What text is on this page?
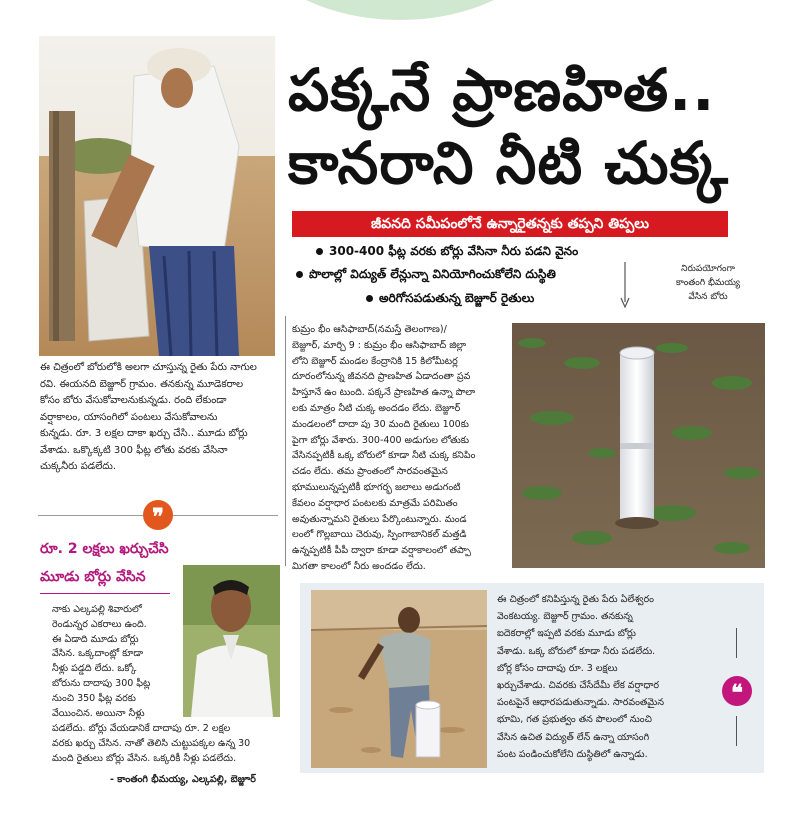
పక్కనే ప్రాణహిత..
కానరాని నీటి చుక్క
జీవనది సమీపంలోనే ఉన్నారైతన్నకు తప్పని తిప్పలు
300-400 ఫీట్ల వరకు బోర్లు వేసినా నీరు పడని వైనం
పొలాల్లో విద్యుత్ లేన్లున్నా వినియోగించుకోలేని దుస్థితి
అరిగోసపడుతున్న బెజ్జూర్ రైతులు
నిరుపయోగంగా
కాంతంగి భీమయ్య
వేసిన బోరు
ఈ చిత్రంలో బోరులోకి అలగా చూస్తున్న రైతు పేరు నాగుల
రవి. ఈయనది బెజ్జూర్ గ్రామం. తనకున్న మూడెకరాల
కోసం బోరు వేసుకోవాలనుకున్నడు. రంది లేకుండా
వర్షాకాలం, యాసంగిలో పంటలు వేసుకోవాలను
కున్నడు. రూ. 3 లక్షల దాకా ఖర్చు చేసి.. మూడు బోర్లు
వేశాడు. ఒక్కొక్కటి 300 ఫీట్ల లోతు వరకు వేసినా
చుక్కనీరు పడలేదు.
❞
రూ. 2 లక్షలు ఖర్చుచేసి
మూడు బోర్లు వేసిన
నాకు ఎల్కపల్లి శివారులో
రెండున్నర ఎకరాలు ఉంది.
ఈ ఏడాది మూడు బోర్లు
వేసిన. ఒక్కదాంట్లో కూడా
నీళ్లు పడ్డది లేదు. ఒక్కో
బోరును దాదాపు 300 ఫీట్ల
నుంచి 350 ఫీట్ల వరకు
వేయించిన. అయినా నీళ్లు
పడలేదు. బోర్లు వేయడానికే దాదాపు రూ. 2 లక్షల
వరకు ఖర్చు చేసిన. నాతో తెలిసి చుట్టుపక్కల ఉన్న 30
మంది రైతులు బోర్లు వేసిన. ఒక్కరికీ నీళ్లు పడలేదు.
- కాంతంగి భీమయ్య, ఎల్కపల్లి, బెజ్జూర్
కుమ్రం భీం ఆసిఫాబాద్(నమస్తే తెలంగాణ)/
బెజ్జూర్, మార్చి 9 : కుమ్రం భీం ఆసిఫాబాద్ జిల్లా
లోని బెజ్జూర్ మండల కేంద్రానికి 15 కిలోమీటర్ల
దూరంలోనున్న జీవనది ప్రాణహిత ఏడాదంతా ప్రవ
హిస్తూనే ఉం టుంది. పక్కనే ప్రాణహిత ఉన్నా పొలా
లకు మాత్రం నీటి చుక్క అందడం లేదు. బెజ్జూర్
మండలంలో దాదా పు 30 మంది రైతులు 100కు
పైగా బోర్లు వేశారు. 300-400 అడుగుల లోతుకు
వేసినప్పటికీ ఒక్క బోరులో కూడా నీటి చుక్క కనిపిం
చడం లేదు. తమ ప్రాంతంలో సారవంతమైన
భూములున్నప్పటికీ భూగర్భ జలాలు అడుగంటి
కేవలం వర్షాధార పంటలకు మాత్రమే పరిమితం
అవుతున్నామని రైతులు పేర్కొంటున్నారు. మండ
లంలో గొల్లబాయి చెరువు, స్పింగాబానికల్ మత్తడి
ఉన్నప్పటికీ పీపీ ద్వారా కూడా వర్షాకాలంలో తప్పా
మిగతా కాలంలో నీరు అందడం లేదు.
ఈ చిత్రంలో కనిపిస్తున్న రైతు పేరు ఏలేశ్వరం
వెంకటయ్య. బెజ్జూర్ గ్రామం. తనకున్న
ఐదెకరాల్లో ఇప్పటి వరకు మూడు బోర్లు
వేశాడు. ఒక్క బోరులో కూడా నీరు పడలేదు.
బోర్ల కోసం దాదాపు రూ. 3 లక్షలు
ఖర్చుచేశాడు. చివరకు చేసేదేమీ లేక వర్షాధార
పంటపైనే ఆధారపడుతున్నాడు. సారవంతమైన
భూమి, గత ప్రభుత్వం తన పొలంలో నుంచి
వేసిన ఉచిత విద్యుత్ లేన్ ఉన్నా యాసంగి
పంట పండించుకోలేని దుస్థితిలో ఉన్నాడు.
❝
